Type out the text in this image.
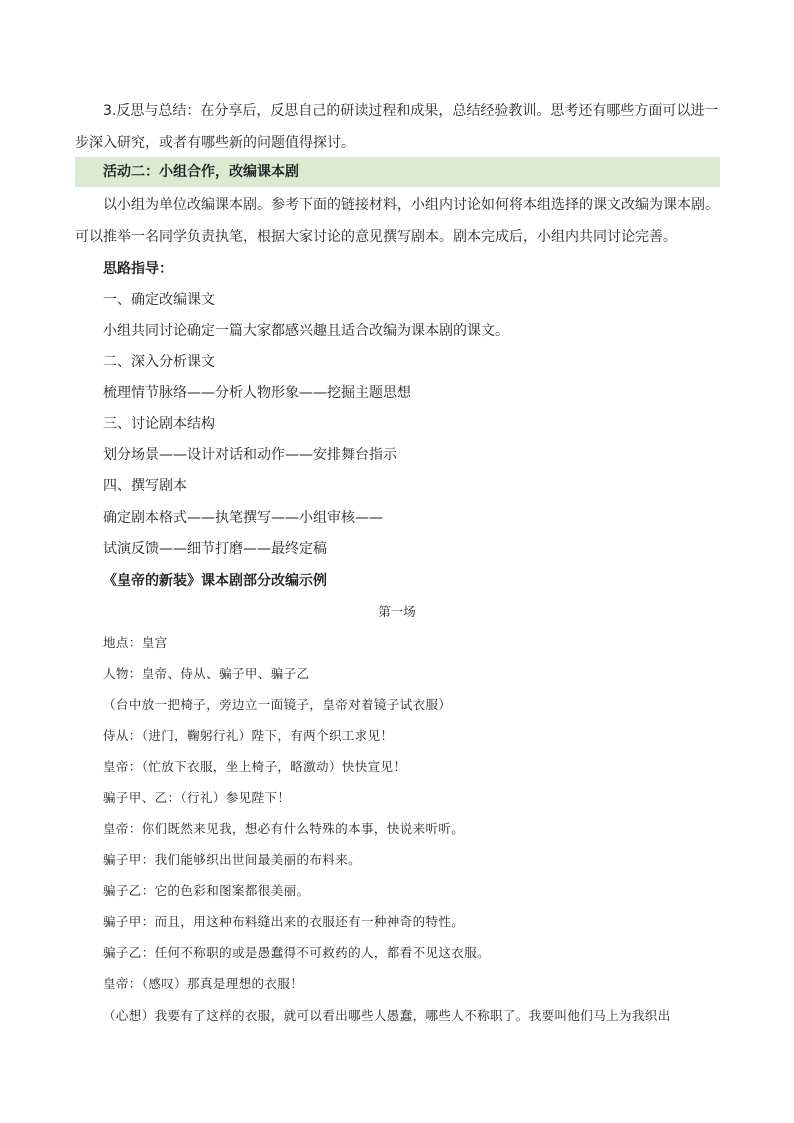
3.反思与总结：在分享后，反思自己的研读过程和成果，总结经验教训。思考还有哪些方面可以进一
步深入研究，或者有哪些新的问题值得探讨。
活动二：小组合作，改编课本剧
以小组为单位改编课本剧。参考下面的链接材料，小组内讨论如何将本组选择的课文改编为课本剧。
可以推举一名同学负责执笔，根据大家讨论的意见撰写剧本。剧本完成后，小组内共同讨论完善。
思路指导：
一、确定改编课文
小组共同讨论确定一篇大家都感兴趣且适合改编为课本剧的课文。
二、深入分析课文
梳理情节脉络——分析人物形象——挖掘主题思想
三、讨论剧本结构
划分场景——设计对话和动作——安排舞台指示
四、撰写剧本
确定剧本格式——执笔撰写——小组审核——
试演反馈——细节打磨——最终定稿
《皇帝的新装》课本剧部分改编示例
第一场
地点：皇宫
人物：皇帝、侍从、骗子甲、骗子乙
（台中放一把椅子，旁边立一面镜子，皇帝对着镜子试衣服）
侍从：（进门，鞠躬行礼）陛下，有两个织工求见！
皇帝：（忙放下衣服，坐上椅子，略激动）快快宣见！
骗子甲、乙：（行礼）参见陛下！
皇帝：你们既然来见我，想必有什么特殊的本事，快说来听听。
骗子甲：我们能够织出世间最美丽的布料来。
骗子乙：它的色彩和图案都很美丽。
骗子甲：而且，用这种布料缝出来的衣服还有一种神奇的特性。
骗子乙：任何不称职的或是愚蠢得不可救药的人，都看不见这衣服。
皇帝：（感叹）那真是理想的衣服！
（心想）我要有了这样的衣服，就可以看出哪些人愚蠢，哪些人不称职了。我要叫他们马上为我织出
